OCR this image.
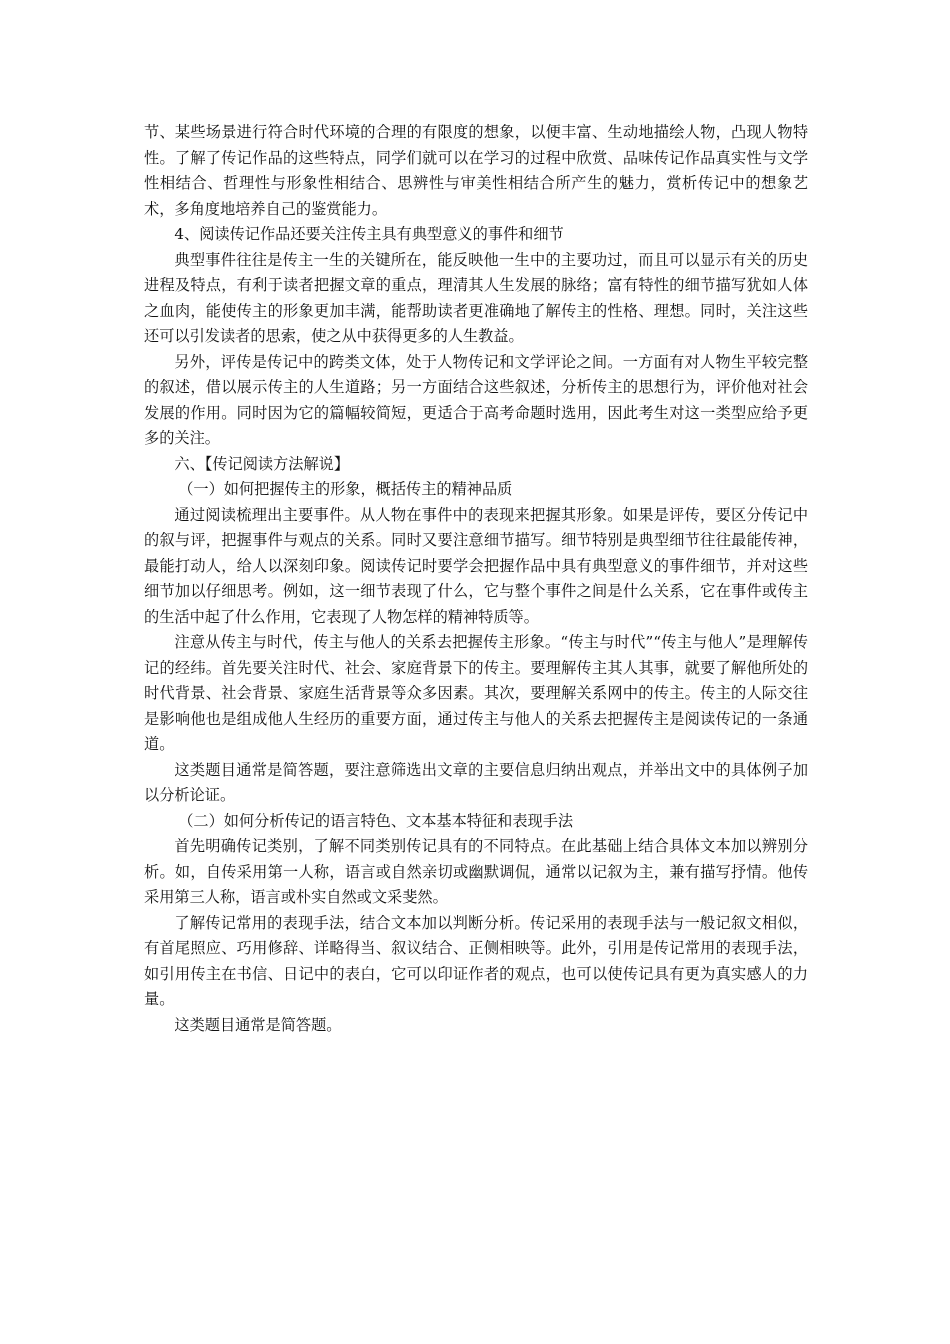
节、某些场景进行符合时代环境的合理的有限度的想象，以便丰富、生动地描绘人物，凸现人物特性。了解了传记作品的这些特点，同学们就可以在学习的过程中欣赏、品味传记作品真实性与文学性相结合、哲理性与形象性相结合、思辨性与审美性相结合所产生的魅力，赏析传记中的想象艺术，多角度地培养自己的鉴赏能力。

4、阅读传记作品还要关注传主具有典型意义的事件和细节

典型事件往往是传主一生的关键所在，能反映他一生中的主要功过，而且可以显示有关的历史进程及特点，有利于读者把握文章的重点，理清其人生发展的脉络；富有特性的细节描写犹如人体之血肉，能使传主的形象更加丰满，能帮助读者更准确地了解传主的性格、理想。同时，关注这些还可以引发读者的思索，使之从中获得更多的人生教益。

另外，评传是传记中的跨类文体，处于人物传记和文学评论之间。一方面有对人物生平较完整的叙述，借以展示传主的人生道路；另一方面结合这些叙述，分析传主的思想行为，评价他对社会发展的作用。同时因为它的篇幅较简短，更适合于高考命题时选用，因此考生对这一类型应给予更多的关注。

六、【传记阅读方法解说】

（一）如何把握传主的形象，概括传主的精神品质

通过阅读梳理出主要事件。从人物在事件中的表现来把握其形象。如果是评传，要区分传记中的叙与评，把握事件与观点的关系。同时又要注意细节描写。细节特别是典型细节往往最能传神，最能打动人，给人以深刻印象。阅读传记时要学会把握作品中具有典型意义的事件细节，并对这些细节加以仔细思考。例如，这一细节表现了什么，它与整个事件之间是什么关系，它在事件或传主的生活中起了什么作用，它表现了人物怎样的精神特质等。

注意从传主与时代，传主与他人的关系去把握传主形象。“传主与时代”“传主与他人”是理解传记的经纬。首先要关注时代、社会、家庭背景下的传主。要理解传主其人其事，就要了解他所处的时代背景、社会背景、家庭生活背景等众多因素。其次，要理解关系网中的传主。传主的人际交往是影响他也是组成他人生经历的重要方面，通过传主与他人的关系去把握传主是阅读传记的一条通道。

这类题目通常是简答题，要注意筛选出文章的主要信息归纳出观点，并举出文中的具体例子加以分析论证。

（二）如何分析传记的语言特色、文本基本特征和表现手法

首先明确传记类别，了解不同类别传记具有的不同特点。在此基础上结合具体文本加以辨别分析。如，自传采用第一人称，语言或自然亲切或幽默调侃，通常以记叙为主，兼有描写抒情。他传采用第三人称，语言或朴实自然或文采斐然。

了解传记常用的表现手法，结合文本加以判断分析。传记采用的表现手法与一般记叙文相似，有首尾照应、巧用修辞、详略得当、叙议结合、正侧相映等。此外，引用是传记常用的表现手法，如引用传主在书信、日记中的表白，它可以印证作者的观点，也可以使传记具有更为真实感人的力量。

这类题目通常是简答题。
